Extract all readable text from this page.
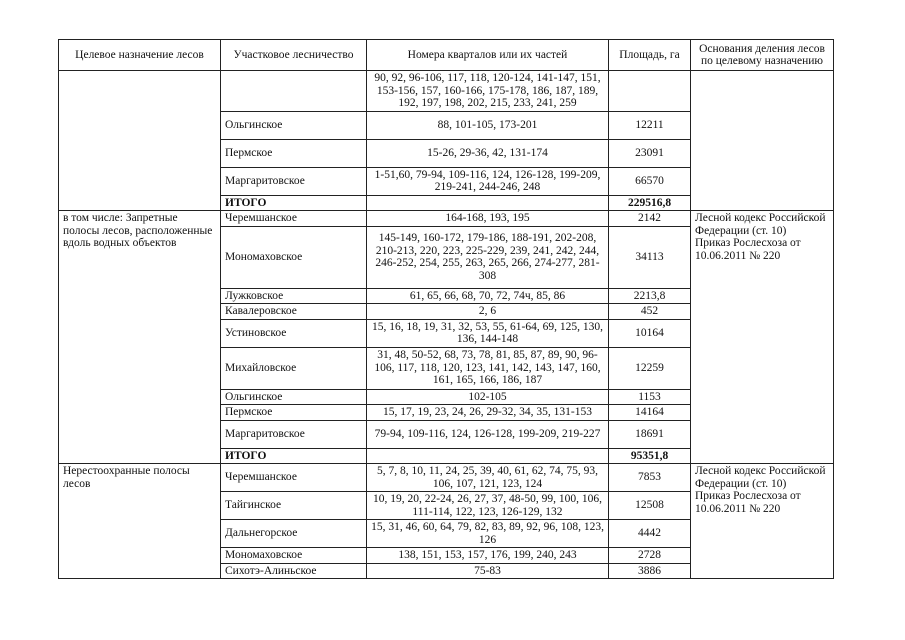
Целевое назначение лесов	Участковое лесничество	Номера кварталов или их частей	Площадь, га	Основания деления лесов по целевому назначению
		90, 92, 96-106, 117, 118, 120-124, 141-147, 151, 153-156, 157, 160-166, 175-178, 186, 187, 189, 192, 197, 198, 202, 215, 233, 241, 259		
	Ольгинское	88, 101-105, 173-201	12211	
	Пермское	15-26, 29-36, 42, 131-174	23091	
	Маргаритовское	1-51,60, 79-94, 109-116, 124, 126-128, 199-209, 219-241, 244-246, 248	66570	
	ИТОГО		229516,8	
в том числе: Запретные полосы лесов, расположенные вдоль водных объектов	Черемшанское	164-168, 193, 195	2142	Лесной кодекс Российской Федерации (ст. 10)
Приказ Рослесхоза от 10.06.2011 № 220

	Мономаховское	145-149, 160-172, 179-186, 188-191, 202-208, 210-213, 220, 223, 225-229, 239, 241, 242, 244, 246-252, 254, 255, 263, 265, 266, 274-277, 281-308	34113	
	Лужковское	61, 65, 66, 68, 70, 72, 74ч, 85, 86	2213,8	
	Кавалеровское	2, 6	452	
	Устиновское	15, 16, 18, 19, 31, 32, 53, 55, 61-64, 69, 125, 130, 136, 144-148	10164	
	Михайловское	31, 48, 50-52, 68, 73, 78, 81, 85, 87, 89, 90, 96-106, 117, 118, 120, 123, 141, 142, 143, 147, 160, 161, 165, 166, 186, 187	12259	
	Ольгинское	102-105	1153	
	Пермское	15, 17, 19, 23, 24, 26, 29-32, 34, 35, 131-153	14164	
	Маргаритовское	79-94, 109-116, 124, 126-128, 199-209, 219-227	18691	
	ИТОГО		95351,8	
Нерестоохранные полосы лесов	Черемшанское	5, 7, 8, 10, 11, 24, 25, 39, 40, 61, 62, 74, 75, 93, 106, 107, 121, 123, 124	7853	Лесной кодекс Российской Федерации (ст. 10)
Приказ Рослесхоза от 10.06.2011 № 220

	Тайгинское	10, 19, 20, 22-24, 26, 27, 37, 48-50, 99, 100, 106, 111-114, 122, 123, 126-129, 132	12508	
	Дальнегорское	15, 31, 46, 60, 64, 79, 82, 83, 89, 92, 96, 108, 123, 126	4442	
	Мономаховское	138, 151, 153, 157, 176, 199, 240, 243	2728	
	Сихотэ-Алиньское	75-83	3886	
